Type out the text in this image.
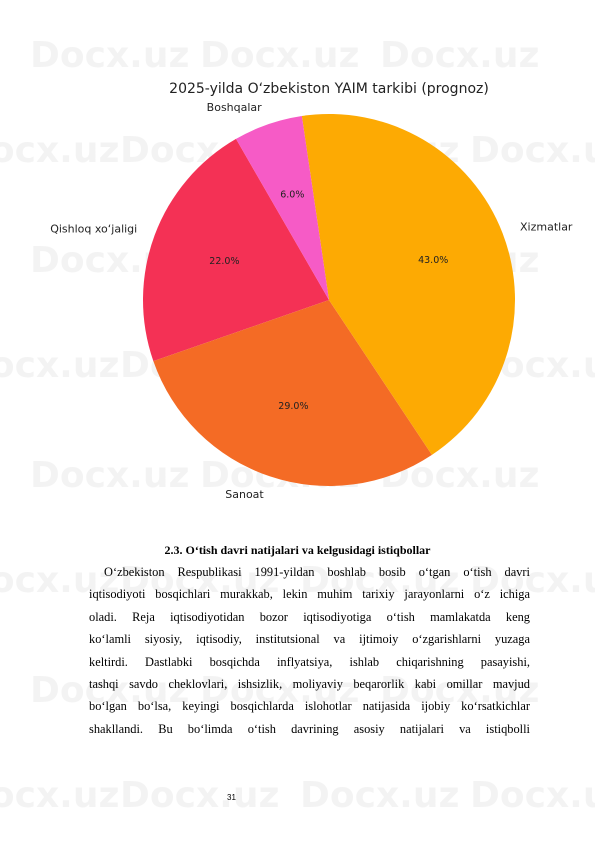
2025-yilda O‘zbekiston YAIM tarkibi (prognoz)
22.0%
Qishloq xo‘jaligi
29.0%
Sanoat
43.0%
Xizmatlar
6.0%
Boshqalar
2.3. O‘tish davri natijalari va kelgusidagi istiqbollar
O‘zbekiston Respublikasi 1991-yildan boshlab bosib o‘tgan o‘tish davri
iqtisodiyoti bosqichlari murakkab, lekin muhim tarixiy jarayonlarni o‘z ichiga
oladi. Reja iqtisodiyotidan bozor iqtisodiyotiga o‘tish mamlakatda keng
ko‘lamli siyosiy, iqtisodiy, institutsional va ijtimoiy o‘zgarishlarni yuzaga
keltirdi. Dastlabki bosqichda inflyatsiya, ishlab chiqarishning pasayishi,
tashqi savdo cheklovlari, ishsizlik, moliyaviy beqarorlik kabi omillar mavjud
bo‘lgan bo‘lsa, keyingi bosqichlarda islohotlar natijasida ijobiy ko‘rsatkichlar
shakllandi. Bu bo‘limda o‘tish davrining asosiy natijalari va istiqbolli
31
